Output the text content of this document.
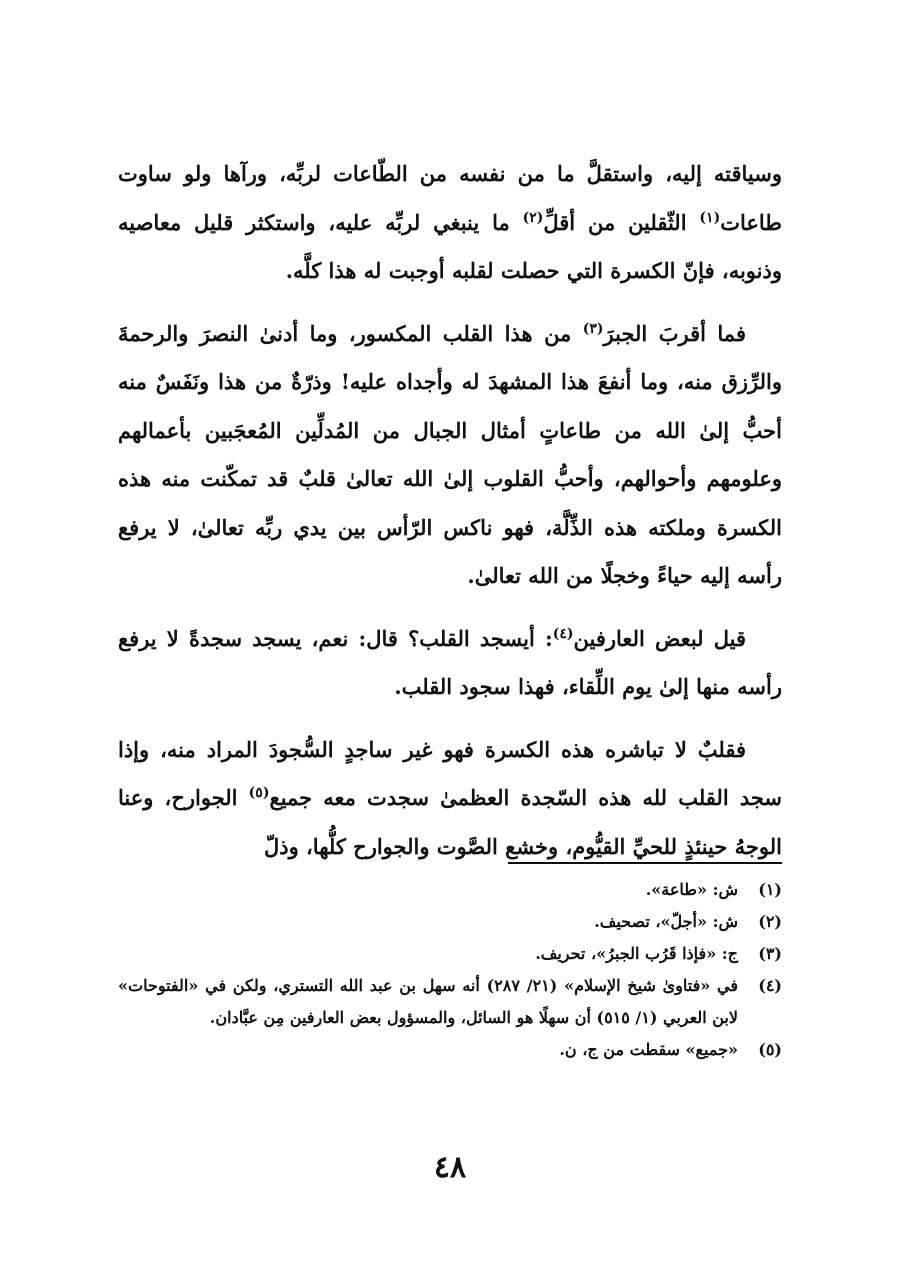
وسياقته إليه، واستقلَّ ما من نفسه من الطّاعات لربِّه، ورآها ولو ساوت طاعات$^{(١)}$ الثّقلين من أقلِّ$^{(٢)}$ ما ينبغي لربِّه عليه، واستكثر قليل معاصيه وذنوبه، فإنّ الكسرة التي حصلت لقلبه أوجبت له هذا كلَّه.

فما أقربَ الجبرَ$^{(٣)}$ من هذا القلب المكسور، وما أدنىٰ النصرَ والرحمةَ والرِّزق منه، وما أنفعَ هذا المشهدَ له وأجداه عليه! وذرّةٌ من هذا ونَفَسٌ منه أحبُّ إلىٰ الله من طاعاتٍ أمثال الجبال من المُدلِّين المُعجَبين بأعمالهم وعلومهم وأحوالهم، وأحبُّ القلوب إلىٰ الله تعالىٰ قلبٌ قد تمكّنت منه هذه الكسرة وملكته هذه الذِّلَّة، فهو ناكس الرّأس بين يدي ربِّه تعالىٰ، لا يرفع رأسه إليه حياءً وخجلًا من الله تعالىٰ.

قيل لبعض العارفين$^{(٤)}$: أيسجد القلب؟ قال: نعم، يسجد سجدةً لا يرفع رأسه منها إلىٰ يوم اللِّقاء، فهذا سجود القلب.

فقلبٌ لا تباشره هذه الكسرة فهو غير ساجدٍ السُّجودَ المراد منه، وإذا سجد القلب لله هذه السّجدة العظمىٰ سجدت معه جميع$^{(٥)}$ الجوارح، وعنا الوجهُ حينئذٍ للحيِّ القيُّوم، وخشع الصَّوت والجوارح كلُّها، وذلّ

(١)
ش: «طاعة».
(٢)
ش: «أجلّ»، تصحيف.
(٣)
ج: «فإذا قَرُب الجبرُ»، تحريف.
(٤)
في «فتاوىٰ شيخ الإسلام» (٢١/ ٢٨٧) أنه سهل بن عبد الله التستري، ولكن في «الفتوحات» لابن العربي (١/ ٥١٥) أن سهلًا هو السائل، والمسؤول بعض العارفين مِن عبَّادان.
(٥)
«جميع» سقطت من ج، ن.
٤٨
